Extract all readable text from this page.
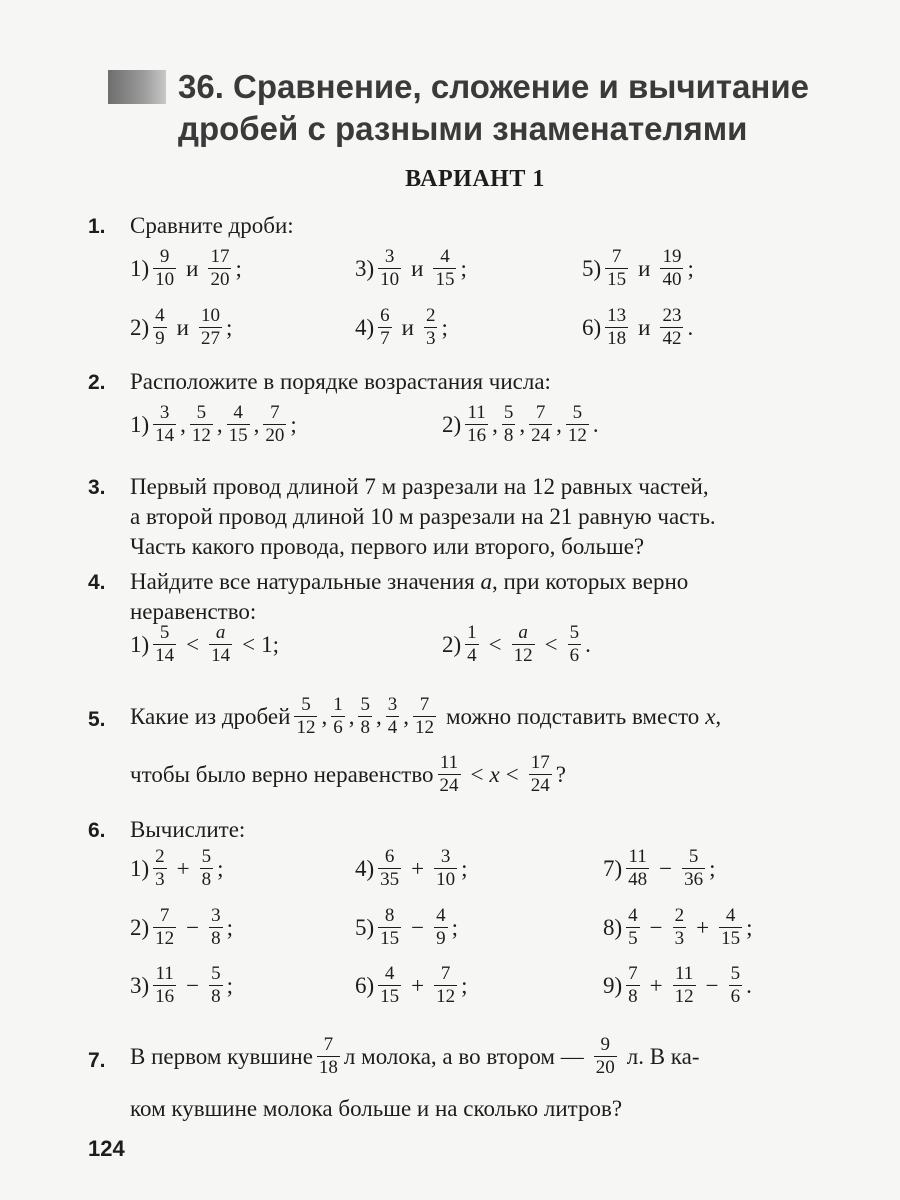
36. Сравнение, сложение и вычитание
дробей с разными знаменателями
ВАРИАНТ 1
1. Сравните дроби:
$1) \frac{9}{10}$ и $\frac{17}{20}$ ;	$3) \frac{3}{10}$ и $\frac{4}{15}$ ;	$5) \frac{7}{15}$ и $\frac{19}{40}$ ;
$2) \frac{4}{9}$ и $\frac{10}{27}$ ;	$4) \frac{6}{7}$ и $\frac{2}{3}$ ;	$6) \frac{13}{18}$ и $\frac{23}{42}$ .
2. Расположите в порядке возрастания числа:
$1) \frac{3}{14}$ , $\frac{5}{12}$ , $\frac{4}{15}$ , $\frac{7}{20}$ ;	$2) \frac{11}{16}$ , $\frac{5}{8}$ , $\frac{7}{24}$ , $\frac{5}{12}$ .
3. Первый провод длиной 7 м разрезали на 12 равных частей,
а второй провод длиной 10 м разрезали на 21 равную часть.
Часть какого провода, первого или второго, больше?
4. Найдите все натуральные значения a, при которых верно
неравенство:
$1) \frac{5}{14} < \frac{a}{14} < 1$ ;	$2) \frac{1}{4} < \frac{a}{12} < \frac{5}{6}$ .
5. Какие из дробей $\frac{5}{12}$ , $\frac{1}{6}$ , $\frac{5}{8}$ , $\frac{3}{4}$ , $\frac{7}{12}$ можно подставить вместо x ,
чтобы было верно неравенство $\frac{11}{24} < x < \frac{17}{24}$ ?
6. Вычислите:
$1) \frac{2}{3} + \frac{5}{8}$ ;	$4) \frac{6}{35} + \frac{3}{10}$ ;	$7) \frac{11}{48} - \frac{5}{36}$ ;
$2) \frac{7}{12} - \frac{3}{8}$ ;	$5) \frac{8}{15} - \frac{4}{9}$ ;	$8) \frac{4}{5} - \frac{2}{3} + \frac{4}{15}$ ;
$3) \frac{11}{16} - \frac{5}{8}$ ;	$6) \frac{4}{15} + \frac{7}{12}$ ;	$9) \frac{7}{8} + \frac{11}{12} - \frac{5}{6}$ .
7. В первом кувшине $\frac{7}{18}$ л молока, а во втором — $\frac{9}{20} л$. В ка-
ком кувшине молока больше и на сколько литров?
124
